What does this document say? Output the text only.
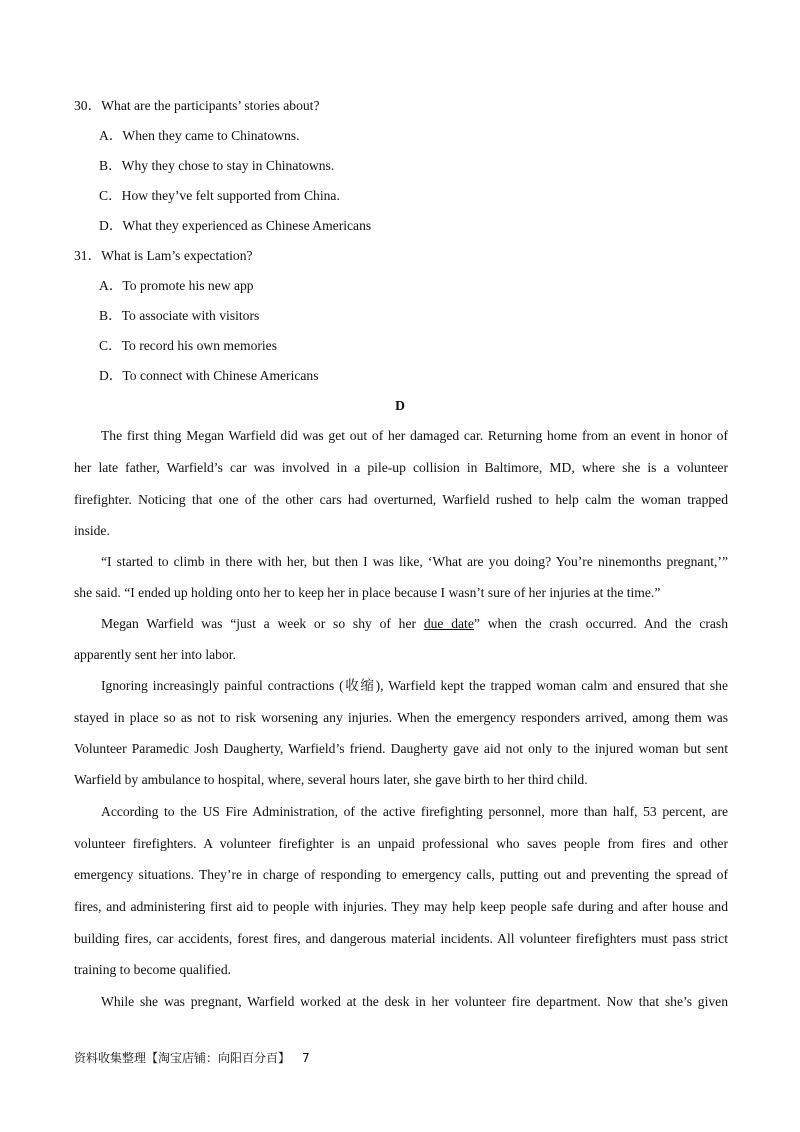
30．What are the participants’ stories about?
A．When they came to Chinatowns.
B．Why they chose to stay in Chinatowns.
C．How they’ve felt supported from China.
D．What they experienced as Chinese Americans
31．What is Lam’s expectation?
A．To promote his new app
B．To associate with visitors
C．To record his own memories
D．To connect with Chinese Americans
D
The first thing Megan Warfield did was get out of her damaged car. Returning home from an event in honor of
her late father, Warfield’s car was involved in a pile-up collision in Baltimore, MD, where she is a volunteer
firefighter. Noticing that one of the other cars had overturned, Warfield rushed to help calm the woman trapped
inside.
“I started to climb in there with her, but then I was like, ‘What are you doing? You’re ninemonths pregnant,’”
she said. “I ended up holding onto her to keep her in place because I wasn’t sure of her injuries at the time.”
Megan Warfield was “just a week or so shy of her due date” when the crash occurred. And the crash
apparently sent her into labor.
Ignoring increasingly painful contractions (收缩), Warfield kept the trapped woman calm and ensured that she
stayed in place so as not to risk worsening any injuries. When the emergency responders arrived, among them was
Volunteer Paramedic Josh Daugherty, Warfield’s friend. Daugherty gave aid not only to the injured woman but sent
Warfield by ambulance to hospital, where, several hours later, she gave birth to her third child.
According to the US Fire Administration, of the active firefighting personnel, more than half, 53 percent, are
volunteer firefighters. A volunteer firefighter is an unpaid professional who saves people from fires and other
emergency situations. They’re in charge of responding to emergency calls, putting out and preventing the spread of
fires, and administering first aid to people with injuries. They may help keep people safe during and after house and
building fires, car accidents, forest fires, and dangerous material incidents. All volunteer firefighters must pass strict
training to become qualified.
While she was pregnant, Warfield worked at the desk in her volunteer fire department. Now that she’s given
资料收集整理【淘宝店铺：向阳百分百】 7
